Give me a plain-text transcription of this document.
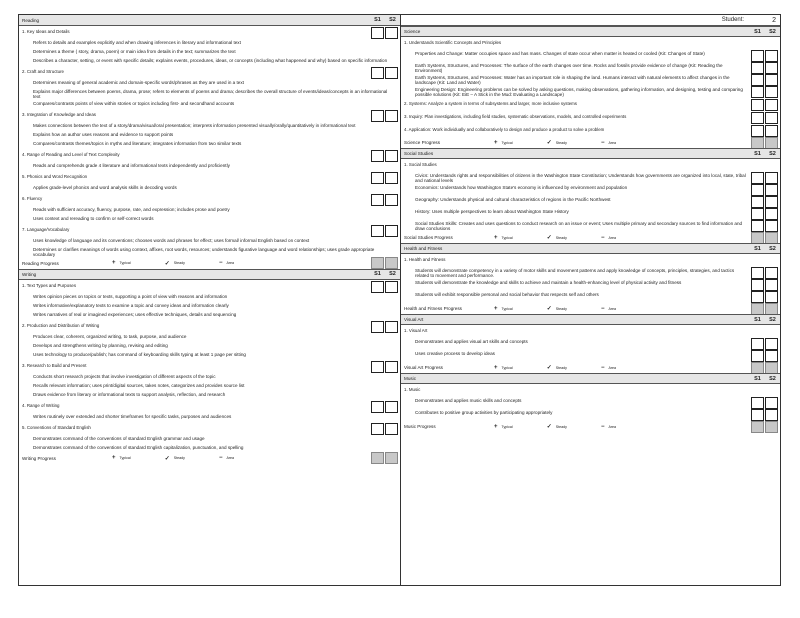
Reading	S1	S2
1. Key Ideas and Details
Refers to details and examples explicitly and when drawing inferences in literary and informational text
Determines a theme ( story, drama, poem) or main idea from details in the text; summarizes the text
Describes a character, setting, or event with specific details; explains events, procedures, ideas, or concepts (including what happened and why) based on specific information
2. Craft and Structure
Determines meaning of general academic and domain-specific words/phrases as they are used in a text
Explains major differences between poems, drama, prose; refers to elements of poems and drama; describes the overall structure of events/ideas/concepts in an informational text
Compares/contrasts points of view within stories or topics including first- and secondhand accounts
3. Integration of Knowledge and Ideas
Makes connections between the text of a story/drama/visual/oral presentation; interprets information presented visually/orally/quantitatively in informational text
Explains how an author uses reasons and evidence to support points
Compares/contrasts themes/topics in myths and literature; integrates information from two similar texts
4. Range of Reading and Level of Text Complexity
Reads and comprehends grade 4 literature and informational texts independently and proficiently
5. Phonics and Word Recognition
Applies grade-level phonics and word analysis skills in decoding words
6. Fluency
Reads with sufficient accuracy, fluency, purpose, rate, and expression; includes prose and poetry
Uses context and rereading to confirm or self-correct words
7. Language/Vocabulary
Uses knowledge of language and its conventions; chooses words and phrases for effect; uses formal/ informal English based on context
Determines or clarifies meanings of words using context, affixes, root words, resources; understands figurative language and word relationships; uses grade appropriate vocabulary
Reading Progress	+ Typical	✓ Steady	− Area
Writing	S1	S2
1. Text Types and Purposes
Writes opinion pieces on topics or texts, supporting a point of view with reasons and information
Writes informative/explanatory texts to examine a topic and convey ideas and information clearly
Writes narratives of real or imagined experiences; uses effective techniques, details and sequencing
2. Production and Distribution of Writing
Produces clear, coherent, organized writing, to task, purpose, and audience
Develops and strengthens writing by planning, revising and editing
Uses technology to produce/publish; has command of keyboarding skills typing at least 1 page per sitting
3. Research to Build and Present
Conducts short research projects that involve investigation of different aspects of the topic
Recalls relevant information; uses print/digital sources, takes notes, categorizes and provides source list
Draws evidence from literary or informational texts to support analysis, reflection, and research
4. Range of Writing
Writes routinely over extended and shorter timeframes for specific tasks, purposes and audiences
5. Conventions of Standard English
Demonstrates command of the conventions of standard English grammar and usage
Demonstrates command of the conventions of standard English capitalization, punctuation, and spelling
Writing Progress	+ Typical	✓ Steady	− Area
Student:	2
Science	S1	S2
1. Understands Scientific Concepts and Principles
Properties and Change: Matter occupies space and has mass. Changes of state occur when matter is heated or cooled (Kit: Changes of State)
Earth Systems, Structures, and Processes: The surface of the earth changes over time. Rocks and fossils provide evidence of change (Kit: Reading the Environment)
Earth Systems, Structures, and Processes: Water has an important role in shaping the land. Humans interact with natural elements to affect changes in the landscape (Kit: Land and Water)
Engineering Design: Engineering problems can be solved by asking questions, making observations, gathering information, and designing, testing and comparing possible solutions (Kit: EiE – A Stick in the Mud: Evaluating a Landscape)
2. Systems: Analyze a system in terms of subsystems and larger, more inclusive systems
3. Inquiry: Plan investigations, including field studies, systematic observations, models, and controlled experiments
4. Application: Work individually and collaboratively to design and produce a product to solve a problem
Science Progress	+ Typical	✓ Steady	− Area
Social Studies	S1	S2
1. Social Studies
Civics: Understands rights and responsibilities of citizens in the Washington State Constitution; Understands how governments are organized into local, state, tribal and national levels
Economics: Understands how Washington State's economy is influenced by environment and population
Geography: Understands physical and cultural characteristics of regions in the Pacific Northwest
History: Uses multiple perspectives to learn about Washington State History
Social Studies Skills: Creates and uses questions to conduct research on an issue or event; Uses multiple primary and secondary sources to find information and draw conclusions
Social Studies Progress	+ Typical	✓ Steady	− Area
Health and Fitness	S1	S2
1. Health and Fitness
Students will demonstrate competency in a variety of motor skills and movement patterns and apply knowledge of concepts, principles, strategies, and tactics related to movement and performance.
Students will demonstrate the knowledge and skills to achieve and maintain a health-enhancing level of physical activity and fitness
Students will exhibit responsible personal and social behavior that respects self and others
Health and Fitness Progress	+ Typical	✓ Steady	− Area
Visual Art	S1	S2
1. Visual Art
Demonstrates and applies visual art skills and concepts
Uses creative process to develop ideas
Visual Art Progress	+ Typical	✓ Steady	− Area
Music	S1	S2
1. Music
Demonstrates and applies music skills and concepts
Contributes to positive group activities by participating appropriately
Music Progress	+ Typical	✓ Steady	− Area
